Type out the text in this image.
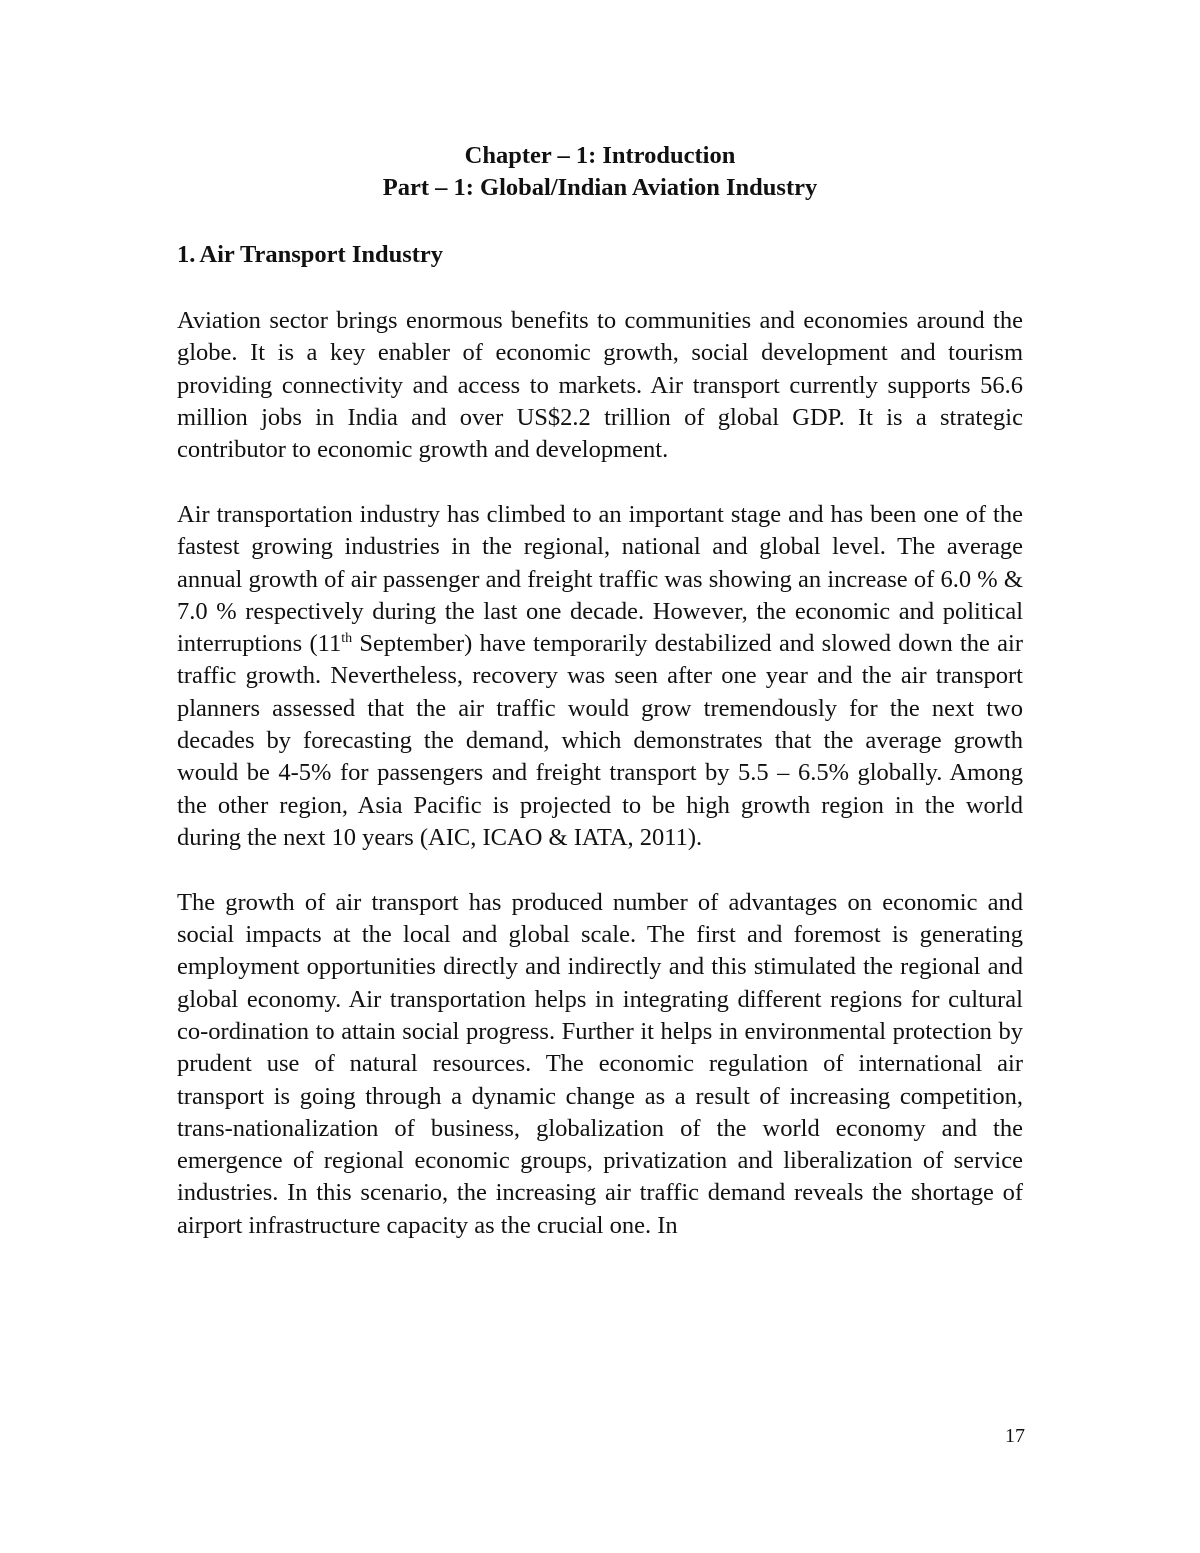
Chapter – 1: Introduction
Part – 1: Global/Indian Aviation Industry
1. Air Transport Industry

Aviation sector brings enormous benefits to communities and economies around the globe. It is a key enabler of economic growth, social development and tourism providing connectivity and access to markets. Air transport currently supports 56.6 million jobs in India and over US$2.2 trillion of global GDP. It is a strategic contributor to economic growth and development.

Air transportation industry has climbed to an important stage and has been one of the fastest growing industries in the regional, national and global level. The average annual growth of air passenger and freight traffic was showing an increase of 6.0 % & 7.0 % respectively during the last one decade. However, the economic and political interruptions (11th September) have temporarily destabilized and slowed down the air traffic growth. Nevertheless, recovery was seen after one year and the air transport planners assessed that the air traffic would grow tremendously for the next two decades by forecasting the demand, which demonstrates that the average growth would be 4-5% for passengers and freight transport by 5.5 – 6.5% globally. Among the other region, Asia Pacific is projected to be high growth region in the world during the next 10 years (AIC, ICAO & IATA, 2011).

The growth of air transport has produced number of advantages on economic and social impacts at the local and global scale. The first and foremost is generating employment opportunities directly and indirectly and this stimulated the regional and global economy. Air transportation helps in integrating different regions for cultural co-ordination to attain social progress. Further it helps in environmental protection by prudent use of natural resources. The economic regulation of international air transport is going through a dynamic change as a result of increasing competition, trans-nationalization of business, globalization of the world economy and the emergence of regional economic groups, privatization and liberalization of service industries. In this scenario, the increasing air traffic demand reveals the shortage of airport infrastructure capacity as the crucial one. In

17
